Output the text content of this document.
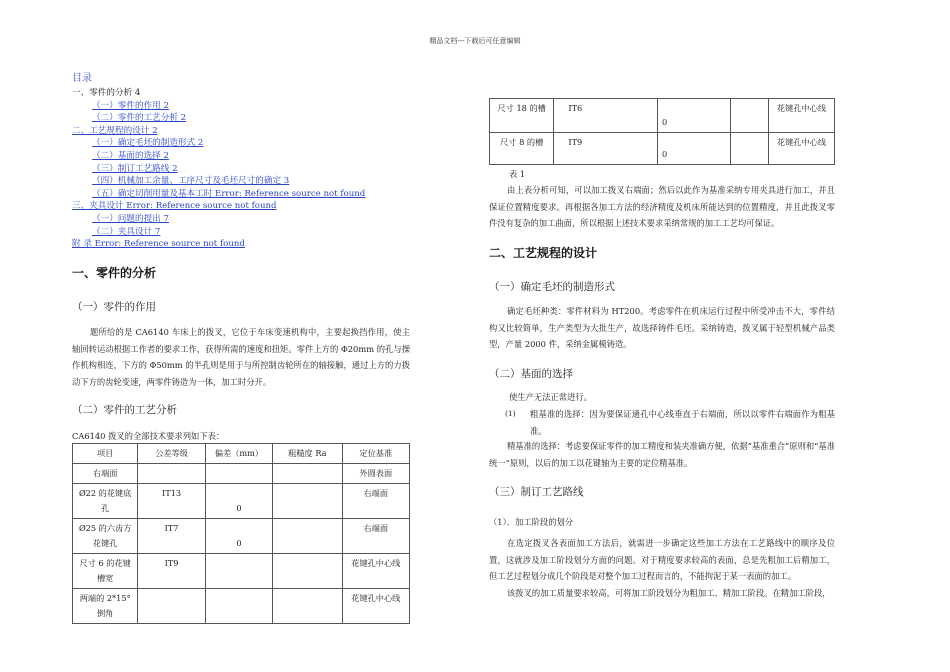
精品文档---下载后可任意编辑
目录
一、零件的分析 4
（一）零件的作用 2
（二）零件的工艺分析 2
二、工艺规程的设计 2
（一）确定毛坯的制造形式 2
（二）基面的选择 2
（三）制订工艺路线 2
（四）机械加工余量、工序尺寸及毛坯尺寸的确定 3
（五）确定切削用量及基本工时 Error: Reference source not found
三、夹具设计 Error: Reference source not found
（一）问题的提出 7
（二）夹具设计 7
附 录 Error: Reference source not found
一、零件的分析
（一）零件的作用
题所给的是 CA6140 车床上的拨叉，它位于车床变速机构中，主要起换挡作用，使主轴回转运动根据工作者的要求工作，获得所需的速度和扭矩。零件上方的 Φ20mm 的孔与操作机构相连，下方的 Φ50mm 的半孔则是用于与所控制齿轮所在的轴接触，通过上方的力拨动下方的齿轮变速，两零件铸造为一体，加工时分开。
（二）零件的工艺分析
CA6140 拨叉的全部技术要求列如下表：
项目	公差等级	偏差（mm）	粗糙度 Ra	定位基准
右端面				外圆表面
Ø22 的花键底孔	IT13	0		右端面
Ø25 的六齿方花键孔	IT7	0		右端面
尺寸 6 的花键槽宽	IT9			花键孔中心线
两端的 2*15°倒角				花键孔中心线
尺寸 18 的槽	IT6	0		花键孔中心线
尺寸 8 的槽	IT9	0		花键孔中心线
表 1
由上表分析可知，可以加工拨叉右端面；然后以此作为基准采纳专用夹具进行加工，并且保证位置精度要求。再根据各加工方法的经济精度及机床所能达到的位置精度，并且此拨叉零件没有复杂的加工曲面，所以根据上述技术要求采纳常规的加工工艺均可保证。
二、工艺规程的设计
（一）确定毛坯的制造形式
确定毛坯种类：零件材料为 HT200。考虑零件在机床运行过程中所受冲击不大，零件结构又比较简单，生产类型为大批生产，故选择铸件毛坯。采纳铸造，拨叉属于轻型机械产品类型，产量 2000 件，采纳金属模铸造。
（二）基面的选择
使生产无法正常进行。
(1) 粗基准的选择：因为要保证通孔中心线垂直于右端面，所以以零件右端面作为粗基准。
精基准的选择：考虑要保证零件的加工精度和装夹准确方便，依据“基准重合”原则和“基准统一”原则，以后的加工以花键轴为主要的定位精基准。
（三）制订工艺路线
（1）．加工阶段的划分
在选定拨叉各表面加工方法后，就需进一步确定这些加工方法在工艺路线中的顺序及位置，这就涉及加工阶段划分方面的问题。对于精度要求较高的表面，总是先粗加工后精加工，但工艺过程划分成几个阶段是对整个加工过程而言的，不能拘泥于某一表面的加工。
该拨叉的加工质量要求较高，可将加工阶段划分为粗加工、精加工阶段。在精加工阶段，
